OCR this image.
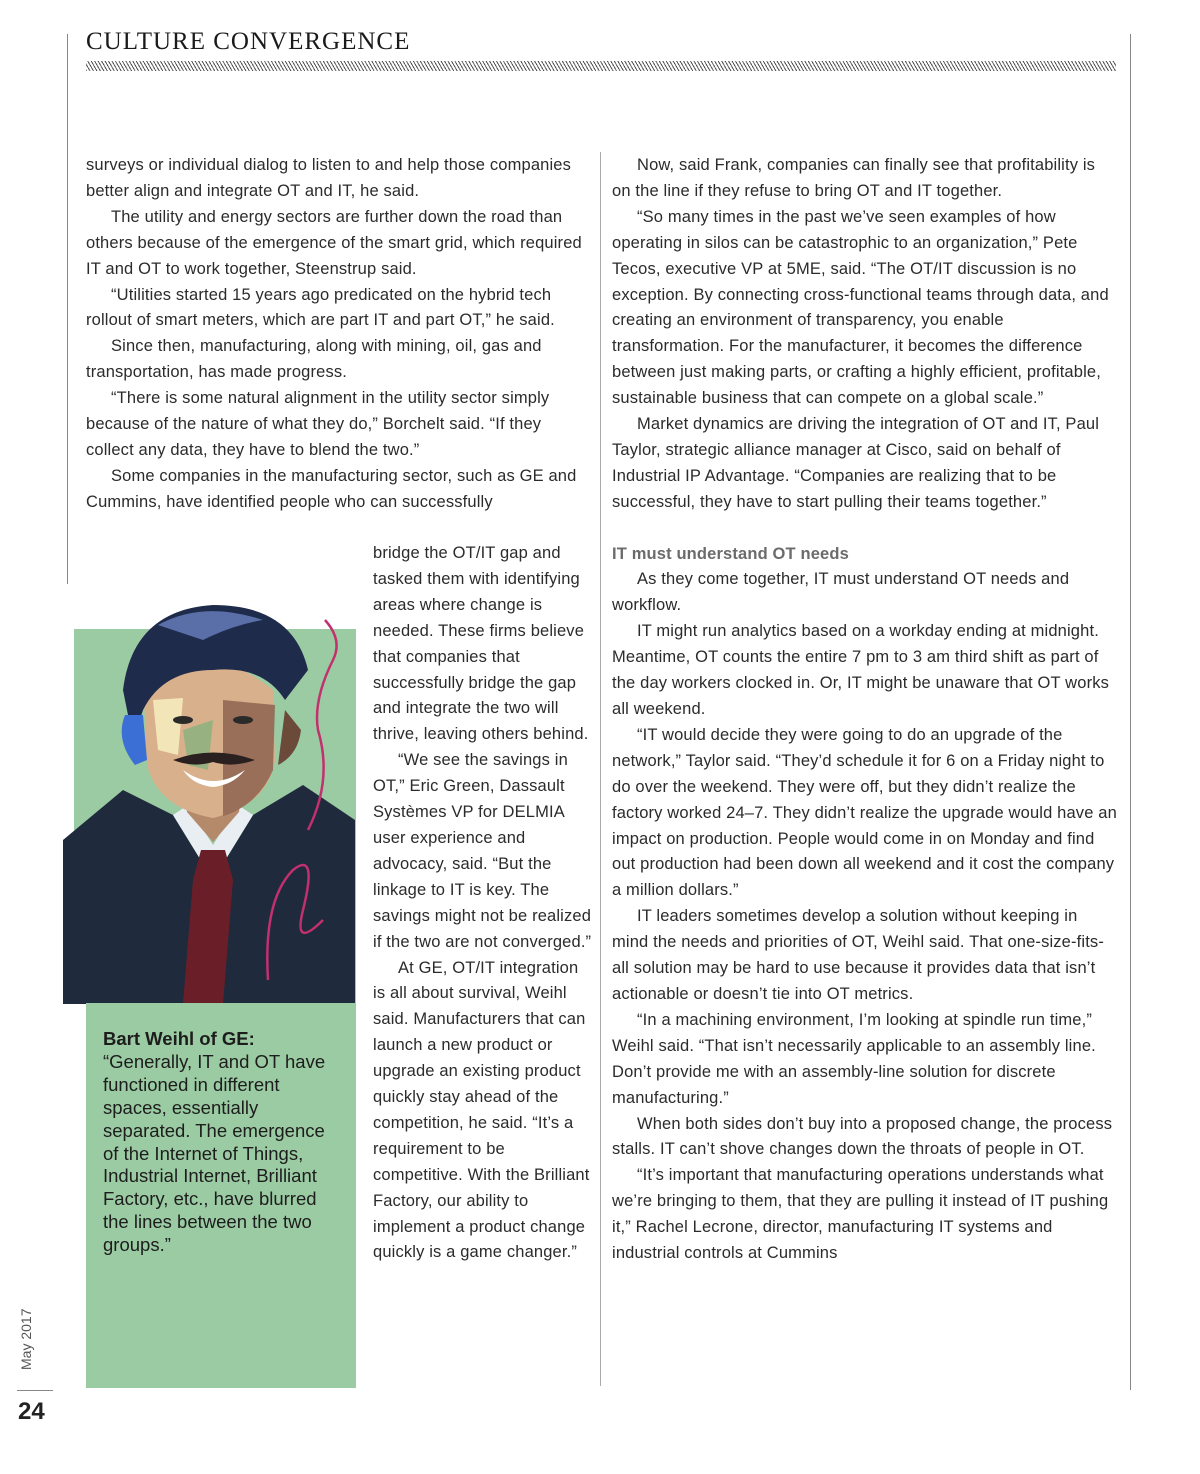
CULTURE CONVERGENCE

surveys or individual dialog to listen to and help those companies better align and integrate OT and IT, he said.

The utility and energy sectors are further down the road than others because of the emergence of the smart grid, which required IT and OT to work together, Steenstrup said.

“Utilities started 15 years ago predicated on the hybrid tech rollout of smart meters, which are part IT and part OT,” he said.

Since then, manufacturing, along with mining, oil, gas and transportation, has made progress.

“There is some natural alignment in the utility sector simply because of the nature of what they do,” Borchelt said. “If they collect any data, they have to blend the two.”

Some companies in the manufacturing sector, such as GE and Cummins, have identified people who can successfully

bridge the OT/IT gap and tasked them with identifying areas where change is needed. These firms believe that companies that successfully bridge the gap and integrate the two will thrive, leaving others behind.

“We see the savings in OT,” Eric Green, Dassault Systèmes VP for DELMIA user experience and advocacy, said. “But the linkage to IT is key. The savings might not be realized if the two are not converged.”

At GE, OT/IT integration is all about survival, Weihl said. Manufacturers that can launch a new product or upgrade an existing product quickly stay ahead of the competition, he said. “It’s a requirement to be competitive. With the Brilliant Factory, our ability to implement a product change quickly is a game changer.”

Bart Weihl of GE:
“Generally, IT and OT have functioned in different spaces, essentially separated. The emergence of the Internet of Things, Industrial Internet, Brilliant Factory, etc., have blurred the lines between the two groups.”

Now, said Frank, companies can finally see that profitability is on the line if they refuse to bring OT and IT together.

“So many times in the past we’ve seen examples of how operating in silos can be catastrophic to an organization,” Pete Tecos, executive VP at 5ME, said. “The OT/IT discussion is no exception. By connecting cross-functional teams through data, and creating an environment of transparency, you enable transformation. For the manufacturer, it becomes the difference between just making parts, or crafting a highly efficient, profitable, sustainable business that can compete on a global scale.”

Market dynamics are driving the integration of OT and IT, Paul Taylor, strategic alliance manager at Cisco, said on behalf of Industrial IP Advantage. “Companies are realizing that to be successful, they have to start pulling their teams together.”

IT must understand OT needs

As they come together, IT must understand OT needs and workflow.

IT might run analytics based on a workday ending at midnight. Meantime, OT counts the entire 7 pm to 3 am third shift as part of the day workers clocked in. Or, IT might be unaware that OT works all weekend.

“IT would decide they were going to do an upgrade of the network,” Taylor said. “They’d schedule it for 6 on a Friday night to do over the weekend. They were off, but they didn’t realize the factory worked 24–7. They didn’t realize the upgrade would have an impact on production. People would come in on Monday and find out production had been down all weekend and it cost the company a million dollars.”

IT leaders sometimes develop a solution without keeping in mind the needs and priorities of OT, Weihl said. That one-size-fits-all solution may be hard to use because it provides data that isn’t actionable or doesn’t tie into OT metrics.

“In a machining environment, I’m looking at spindle run time,” Weihl said. “That isn’t necessarily applicable to an assembly line. Don’t provide me with an assembly-line solution for discrete manufacturing.”

When both sides don’t buy into a proposed change, the process stalls. IT can’t shove changes down the throats of people in OT.

“It’s important that manufacturing operations understands what we’re bringing to them, that they are pulling it instead of IT pushing it,” Rachel Lecrone, director, manufacturing IT systems and industrial controls at Cummins

May 2017
24
